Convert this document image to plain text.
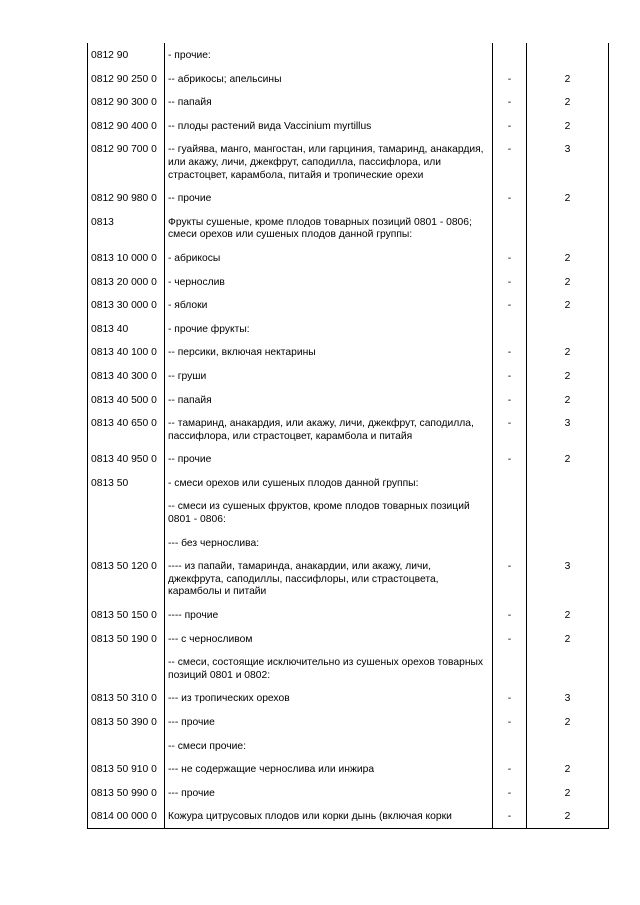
0812 90	- прочие:		
0812 90 250 0	-- абрикосы; апельсины	-	2
0812 90 300 0	-- папайя	-	2
0812 90 400 0	-- плоды растений вида Vaccinium myrtillus	-	2
0812 90 700 0	-- гуайява, манго, мангостан, или гарциния, тамаринд, анакардия, или акажу, личи, джекфрут, саподилла, пассифлора, или страстоцвет, карамбола, питайя и тропические орехи	-	3
0812 90 980 0	-- прочие	-	2
0813	Фрукты сушеные, кроме плодов товарных позиций 0801 - 0806; смеси орехов или сушеных плодов данной группы:		
0813 10 000 0	- абрикосы	-	2
0813 20 000 0	- чернослив	-	2
0813 30 000 0	- яблоки	-	2
0813 40	- прочие фрукты:		
0813 40 100 0	-- персики, включая нектарины	-	2
0813 40 300 0	-- груши	-	2
0813 40 500 0	-- папайя	-	2
0813 40 650 0	-- тамаринд, анакардия, или акажу, личи, джекфрут, саподилла, пассифлора, или страстоцвет, карамбола и питайя	-	3
0813 40 950 0	-- прочие	-	2
0813 50	- смеси орехов или сушеных плодов данной группы:		
	-- смеси из сушеных фруктов, кроме плодов товарных позиций 0801 - 0806:		
	--- без чернослива:		
0813 50 120 0	---- из папайи, тамаринда, анакардии, или акажу, личи, джекфрута, саподиллы, пассифлоры, или страстоцвета, карамболы и питайи	-	3
0813 50 150 0	---- прочие	-	2
0813 50 190 0	--- с черносливом	-	2
	-- смеси, состоящие исключительно из сушеных орехов товарных позиций 0801 и 0802:		
0813 50 310 0	--- из тропических орехов	-	3
0813 50 390 0	--- прочие	-	2
	-- смеси прочие:		
0813 50 910 0	--- не содержащие чернослива или инжира	-	2
0813 50 990 0	--- прочие	-	2
0814 00 000 0	Кожура цитрусовых плодов или корки дынь (включая корки	-	2
